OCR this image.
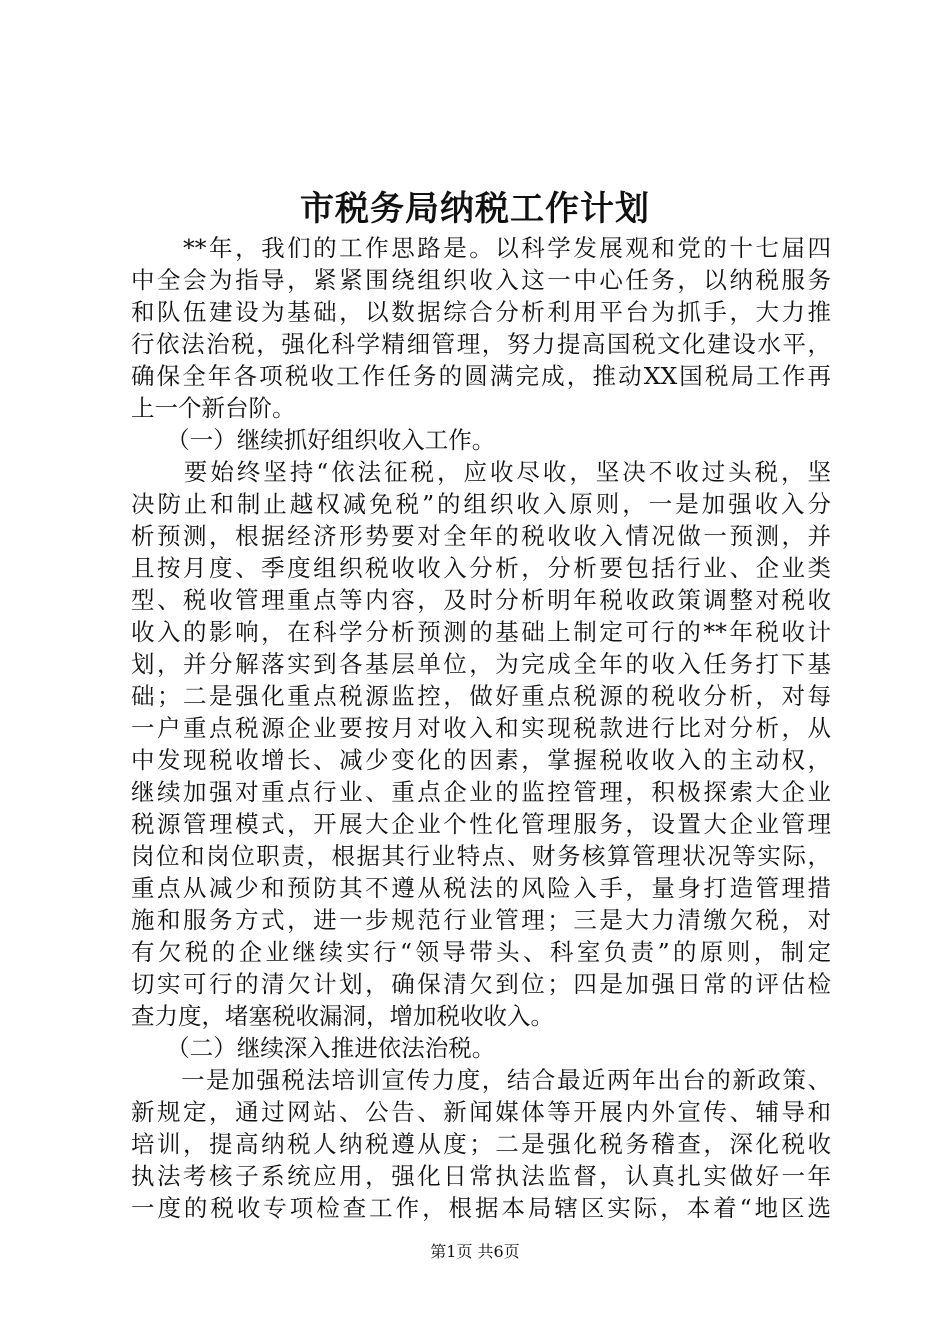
市税务局纳税工作计划
　　**年，我们的工作思路是。以科学发展观和党的十七届四
中全会为指导，紧紧围绕组织收入这一中心任务，以纳税服务
和队伍建设为基础，以数据综合分析利用平台为抓手，大力推
行依法治税，强化科学精细管理，努力提高国税文化建设水平，
确保全年各项税收工作任务的圆满完成，推动XX国税局工作再
上一个新台阶。
　　（一）继续抓好组织收入工作。
　　要始终坚持“依法征税，应收尽收，坚决不收过头税，坚
决防止和制止越权减免税”的组织收入原则，一是加强收入分
析预测，根据经济形势要对全年的税收收入情况做一预测，并
且按月度、季度组织税收收入分析，分析要包括行业、企业类
型、税收管理重点等内容，及时分析明年税收政策调整对税收
收入的影响，在科学分析预测的基础上制定可行的**年税收计
划，并分解落实到各基层单位，为完成全年的收入任务打下基
础；二是强化重点税源监控，做好重点税源的税收分析，对每
一户重点税源企业要按月对收入和实现税款进行比对分析，从
中发现税收增长、减少变化的因素，掌握税收收入的主动权，
继续加强对重点行业、重点企业的监控管理，积极探索大企业
税源管理模式，开展大企业个性化管理服务，设置大企业管理
岗位和岗位职责，根据其行业特点、财务核算管理状况等实际，
重点从减少和预防其不遵从税法的风险入手，量身打造管理措
施和服务方式，进一步规范行业管理；三是大力清缴欠税，对
有欠税的企业继续实行“领导带头、科室负责”的原则，制定
切实可行的清欠计划，确保清欠到位；四是加强日常的评估检
查力度，堵塞税收漏洞，增加税收收入。
　　（二）继续深入推进依法治税。
　　一是加强税法培训宣传力度，结合最近两年出台的新政策、
新规定，通过网站、公告、新闻媒体等开展内外宣传、辅导和
培训，提高纳税人纳税遵从度；二是强化税务稽查，深化税收
执法考核子系统应用，强化日常执法监督，认真扎实做好一年
一度的税收专项检查工作，根据本局辖区实际，本着“地区选
第1页 共6页
